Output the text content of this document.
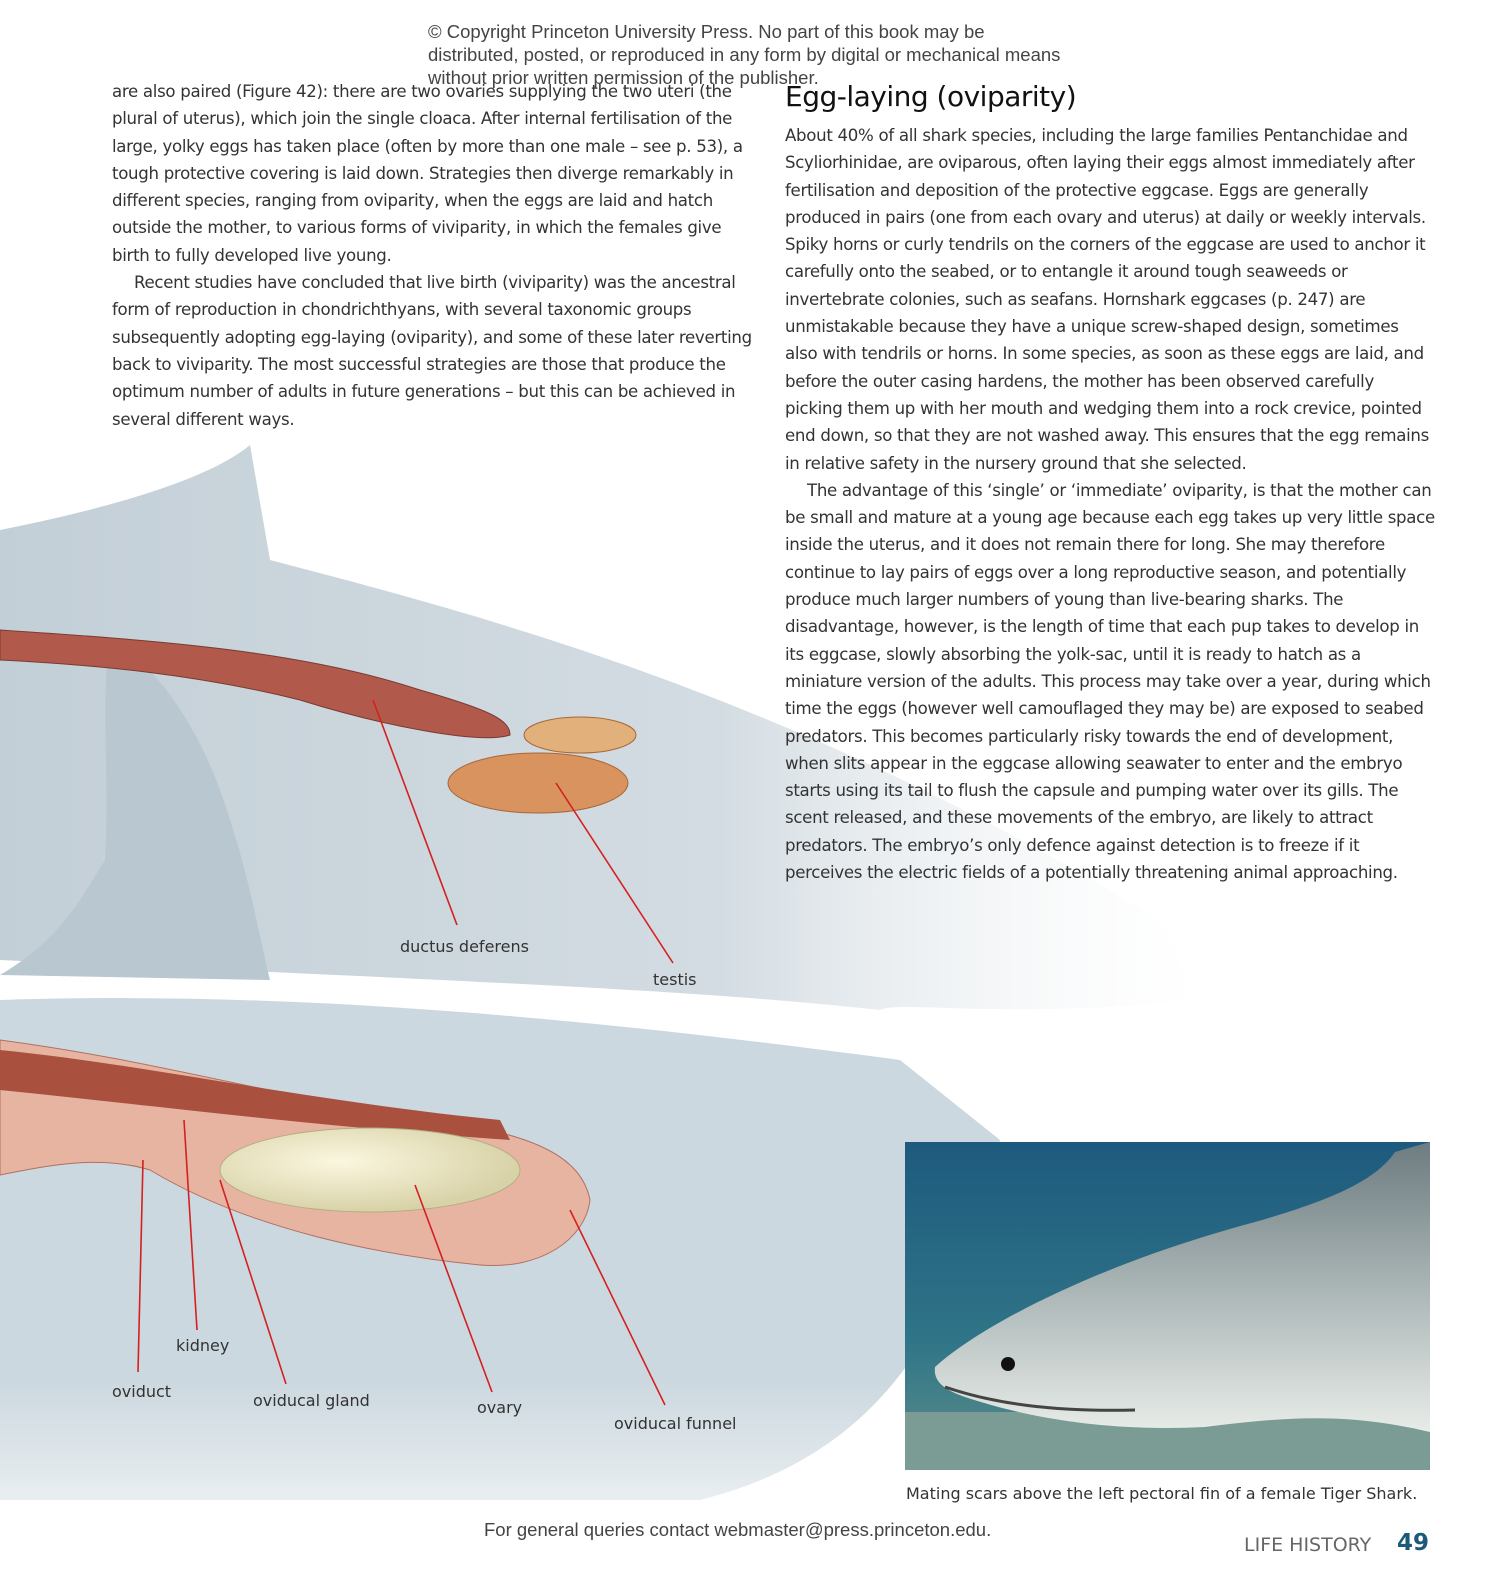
© Copyright Princeton University Press. No part of this book may be distributed, posted, or reproduced in any form by digital or mechanical means without prior written permission of the publisher.

are also paired (Figure 42): there are two ovaries supplying the two uteri (the plural of uterus), which join the single cloaca. After internal fertilisation of the large, yolky eggs has taken place (often by more than one male – see p. 53), a tough protective covering is laid down. Strategies then diverge remarkably in different species, ranging from oviparity, when the eggs are laid and hatch outside the mother, to various forms of viviparity, in which the females give birth to fully developed live young.

Recent studies have concluded that live birth (viviparity) was the ancestral form of reproduction in chondrichthyans, with several taxonomic groups subsequently adopting egg-laying (oviparity), and some of these later reverting back to viviparity. The most successful strategies are those that produce the optimum number of adults in future generations – but this can be achieved in several different ways.

Egg-laying (oviparity)

About 40% of all shark species, including the large families Pentanchidae and Scyliorhinidae, are oviparous, often laying their eggs almost immediately after fertilisation and deposition of the protective eggcase. Eggs are generally produced in pairs (one from each ovary and uterus) at daily or weekly intervals. Spiky horns or curly tendrils on the corners of the eggcase are used to anchor it carefully onto the seabed, or to entangle it around tough seaweeds or invertebrate colonies, such as seafans. Hornshark eggcases (p. 247) are unmistakable because they have a unique screw-shaped design, sometimes also with tendrils or horns. In some species, as soon as these eggs are laid, and before the outer casing hardens, the mother has been observed carefully picking them up with her mouth and wedging them into a rock crevice, pointed end down, so that they are not washed away. This ensures that the egg remains in relative safety in the nursery ground that she selected.

The advantage of this ‘single’ or ‘immediate’ oviparity, is that the mother can be small and mature at a young age because each egg takes up very little space inside the uterus, and it does not remain there for long. She may therefore continue to lay pairs of eggs over a long reproductive season, and potentially produce much larger numbers of young than live-bearing sharks. The disadvantage, however, is the length of time that each pup takes to develop in its eggcase, slowly absorbing the yolk-sac, until it is ready to hatch as a miniature version of the adults. This process may take over a year, during which time the eggs (however well camouflaged they may be) are exposed to seabed predators. This becomes particularly risky towards the end of development, when slits appear in the eggcase allowing seawater to enter and the embryo starts using its tail to flush the capsule and pumping water over its gills. The scent released, and these movements of the embryo, are likely to attract predators. The embryo’s only defence against detection is to freeze if it perceives the electric fields of a potentially threatening animal approaching.

ductus deferens
testis
kidney
oviduct	oviducal gland	ovary
oviducal funnel
Mating scars above the left pectoral fin of a female Tiger Shark.
For general queries contact webmaster@press.princeton.edu.
LIFE HISTORY 49
